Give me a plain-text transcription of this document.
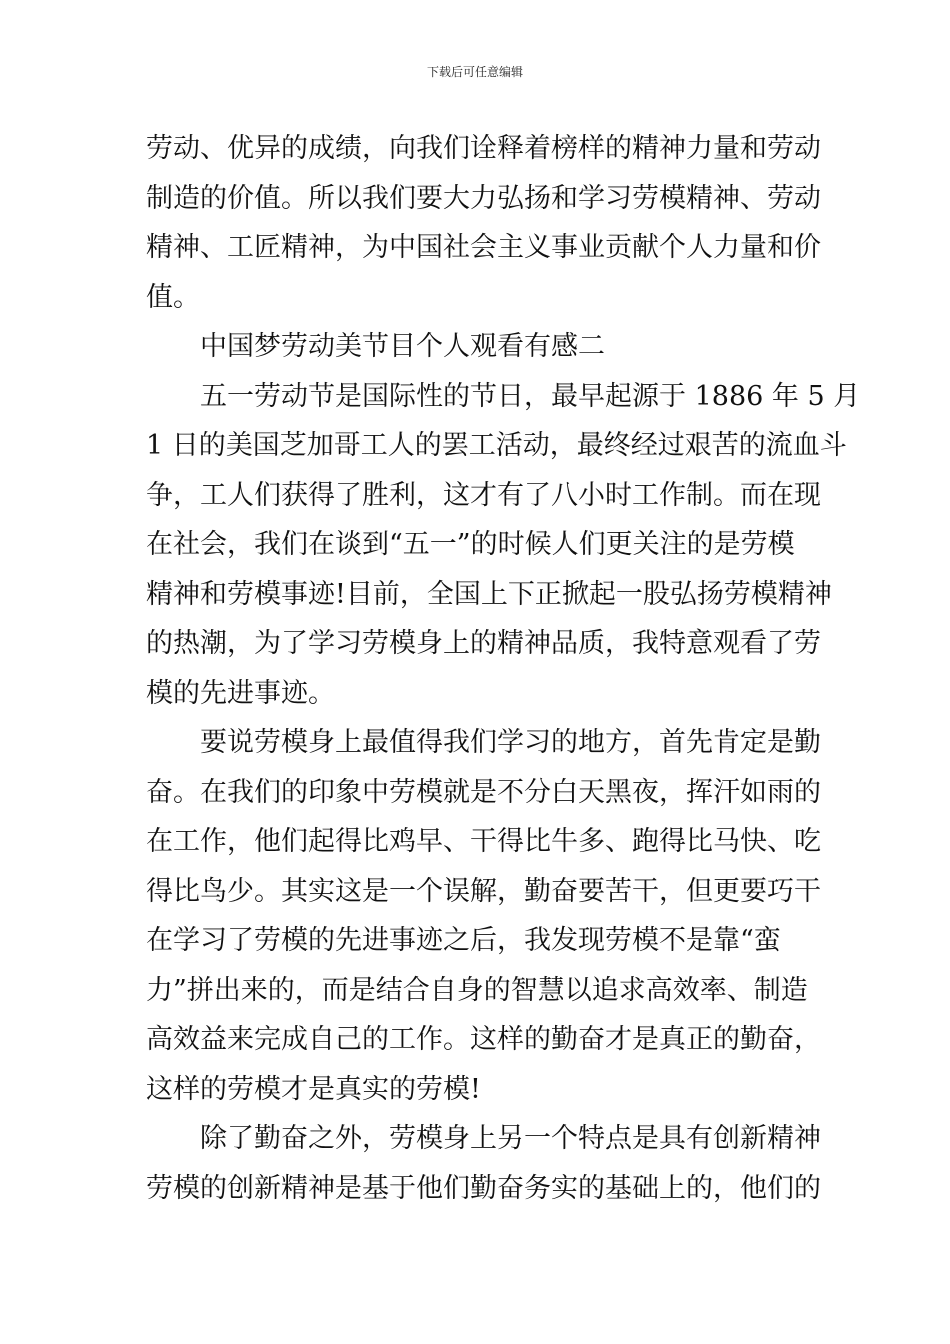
下载后可任意编辑
劳动、优异的成绩，向我们诠释着榜样的精神力量和劳动
制造的价值。所以我们要大力弘扬和学习劳模精神、劳动
精神、工匠精神，为中国社会主义事业贡献个人力量和价
值。
中国梦劳动美节目个人观看有感二
五一劳动节是国际性的节日，最早起源于 1886 年 5 月
1 日的美国芝加哥工人的罢工活动，最终经过艰苦的流血斗
争，工人们获得了胜利，这才有了八小时工作制。而在现
在社会，我们在谈到“五一”的时候人们更关注的是劳模
精神和劳模事迹!目前，全国上下正掀起一股弘扬劳模精神
的热潮，为了学习劳模身上的精神品质，我特意观看了劳
模的先进事迹。
要说劳模身上最值得我们学习的地方，首先肯定是勤
奋。在我们的印象中劳模就是不分白天黑夜，挥汗如雨的
在工作，他们起得比鸡早、干得比牛多、跑得比马快、吃
得比鸟少。其实这是一个误解，勤奋要苦干，但更要巧干
在学习了劳模的先进事迹之后，我发现劳模不是靠“蛮
力”拼出来的，而是结合自身的智慧以追求高效率、制造
高效益来完成自己的工作。这样的勤奋才是真正的勤奋，
这样的劳模才是真实的劳模!
除了勤奋之外，劳模身上另一个特点是具有创新精神
劳模的创新精神是基于他们勤奋务实的基础上的，他们的
